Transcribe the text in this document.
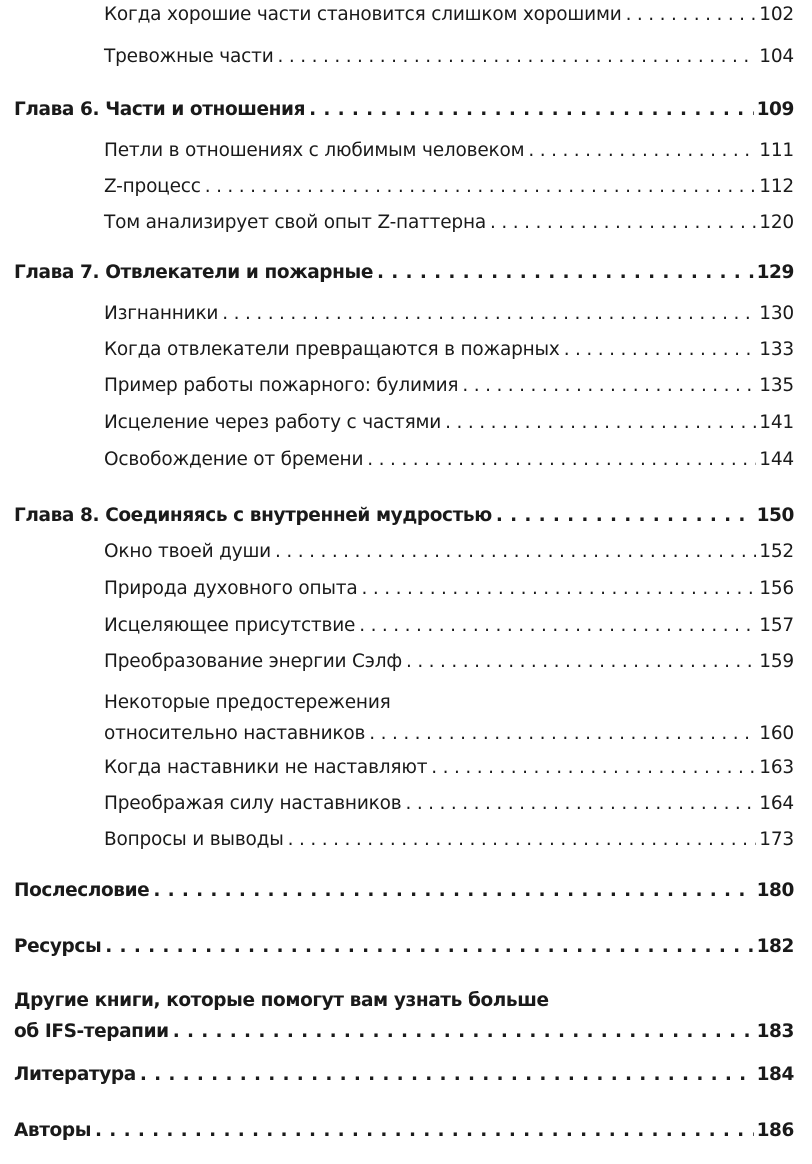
Когда хорошие части становится слишком хорошими . . .	102
Тревожные части . . .	104
Глава 6. Части и отношения . . .	109
Петли в отношениях с любимым человеком . . .	111
Z-процесс . . .	112
Том анализирует свой опыт Z-паттерна . . .	120
Глава 7. Отвлекатели и пожарные . . .	129
Изгнанники . . .	130
Когда отвлекатели превращаются в пожарных . . .	133
Пример работы пожарного: булимия . . .	135
Исцеление через работу с частями . . .	141
Освобождение от бремени . . .	144
Глава 8. Соединяясь с внутренней мудростью . . .	150
Окно твоей души . . .	152
Природа духовного опыта . . .	156
Исцеляющее присутствие . . .	157
Преобразование энергии Сэлф . . .	159
Некоторые предостережения
относительно наставников . . .	160
Когда наставники не наставляют . . .	163
Преображая силу наставников . . .	164
Вопросы и выводы . . .	173
Послесловие . . .	180
Ресурсы . . .	182
Другие книги, которые помогут вам узнать больше
об IFS-терапии . . .	183
Литература . . .	184
Авторы . . .	186
